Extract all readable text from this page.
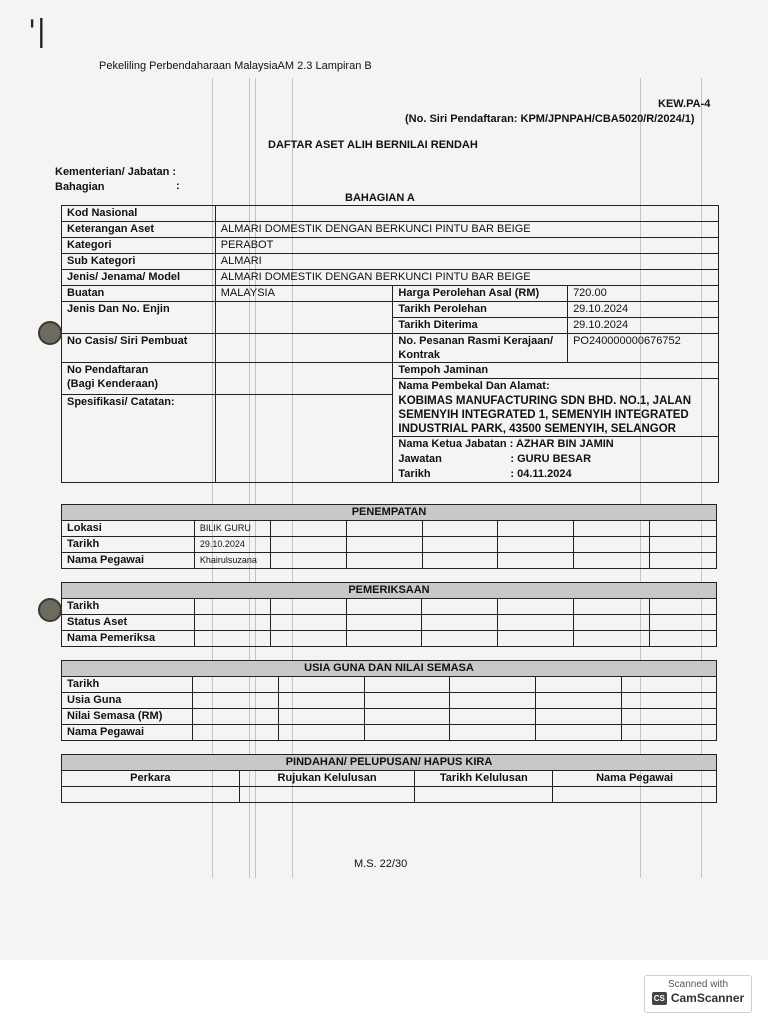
'|
Pekeliling Perbendaharaan MalaysiaAM 2.3 Lampiran B
KEW.PA-4
(No. Siri Pendaftaran: KPM/JPNPAH/CBA5020/R/2024/1)
DAFTAR ASET ALIH BERNILAI RENDAH
Kementerian/ Jabatan :
Bahagian	:
BAHAGIAN A
Kod Nasional			
Keterangan Aset	ALMARI DOMESTIK DENGAN BERKUNCI PINTU BAR BEIGE		
Kategori	PERABOT		
Sub Kategori	ALMARI		
Jenis/ Jenama/ Model	ALMARI DOMESTIK DENGAN BERKUNCI PINTU BAR BEIGE		
Buatan	MALAYSIA	Harga Perolehan Asal (RM)	720.00
Jenis Dan No. Enjin		Tarikh Perolehan	29.10.2024
		Tarikh Diterima	29.10.2024
No Casis/ Siri Pembuat		No. Pesanan Rasmi Kerajaan/
Kontrak	PO240000000676752
No Pendaftaran
(Bagi Kenderaan)		Tempoh Jaminan	
		Nama Pembekal Dan Alamat:	

		KOBIMAS MANUFACTURING SDN BHD. NO.1, JALAN
SEMENYIH INTEGRATED 1, SEMENYIH INTEGRATED
INDUSTRIAL PARK, 43500 SEMENYIH, SELANGOR	

Spesifikasi/ Catatan:			

		Nama Ketua Jabatan : AZHAR BIN JAMIN
Jawatan : GURU BESAR
Tarikh : 04.11.2024	
PENEMPATAN							
Lokasi	BILIK GURU						
Tarikh	29.10.2024						
Nama Pegawai	Khairulsuzana						
PEMERIKSAAN							
Tarikh							
Status Aset							
Nama Pemeriksa							
USIA GUNA DAN NILAI SEMASA						
Tarikh						
Usia Guna						
Nilai Semasa (RM)						
Nama Pegawai						
PINDAHAN/ PELUPUSAN/ HAPUS KIRA			
Perkara	Rujukan Kelulusan	Tarikh Kelulusan	Nama Pegawai

M.S. 22/30
Scanned with
CS CamScanner
